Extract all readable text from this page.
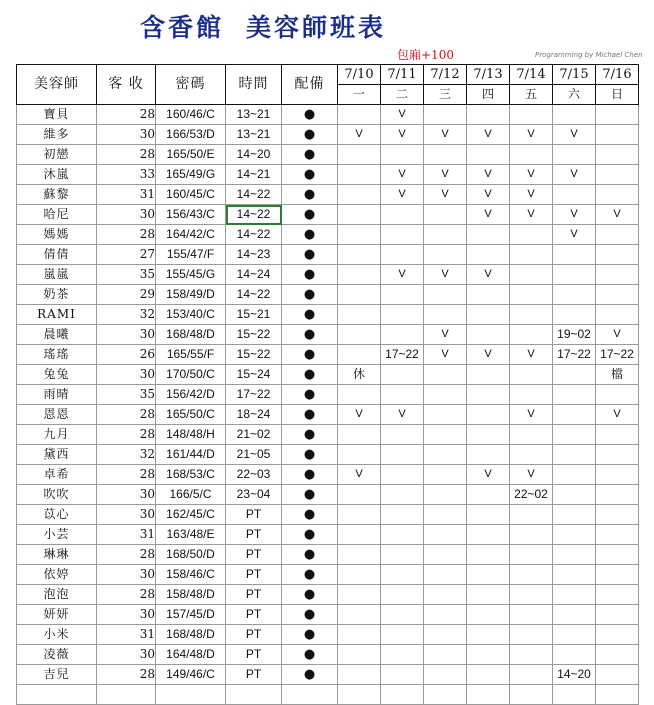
含香館 美容師班表
包廂+100	Programming by Michael Chen
美容師	客 收	密碼	時間	配備	7/10	7/11	7/12	7/13	7/14	7/15	7/16
					一	二	三	四	五	六	日
寶貝	28	160/46/C	13~21	●		V					
維多	30	166/53/D	13~21	●	V	V	V	V	V	V	
初戀	28	165/50/E	14~20	●							
沐嵐	33	165/49/G	14~21	●		V	V	V	V	V	
蘇黎	31	160/45/C	14~22	●		V	V	V	V		
哈尼	30	156/43/C	14~22	●				V	V	V	V
媽媽	28	164/42/C	14~22	●						V	
倩倩	27	155/47/F	14~23	●							
嵐嵐	35	155/45/G	14~24	●		V	V	V			
奶茶	29	158/49/D	14~22	●							
RAMI	32	153/40/C	15~21	●							
晨曦	30	168/48/D	15~22	●			V			19~02	V
瑤瑤	26	165/55/F	15~22	●		17~22	V	V	V	17~22	17~22
兔兔	30	170/50/C	15~24	●	休						檔
雨晴	35	156/42/D	17~22	●							
恩恩	28	165/50/C	18~24	●	V	V			V		V
九月	28	148/48/H	21~02	●							
黛西	32	161/44/D	21~05	●							
卓希	28	168/53/C	22~03	●	V			V	V		
吹吹	30	166/5/C	23~04	●					22~02		
苡心	30	162/45/C	PT	●							
小芸	31	163/48/E	PT	●							
琳琳	28	168/50/D	PT	●							
依婷	30	158/46/C	PT	●							
泡泡	28	158/48/D	PT	●							
妍妍	30	157/45/D	PT	●							
小米	31	168/48/D	PT	●							
凌薇	30	164/48/D	PT	●							
吉兒	28	149/46/C	PT	●						14~20	
